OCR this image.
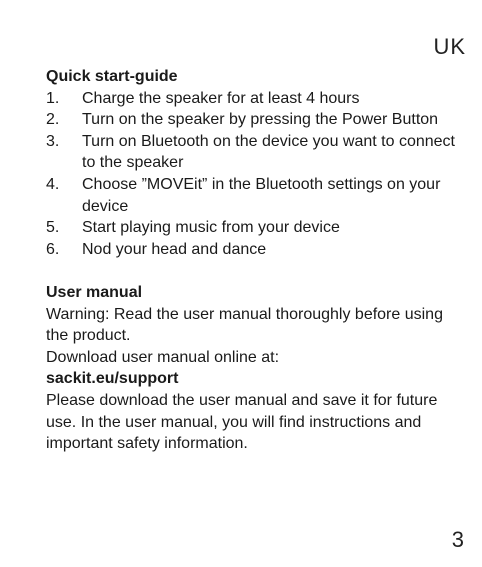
UK

Quick start-guide

1.	Charge the speaker for at least 4 hours
2.	Turn on the speaker by pressing the Power Button
3.	Turn on Bluetooth on the device you want to connect to the speaker
4.	Choose ”MOVEit” in the Bluetooth settings on your device
5.	Start playing music from your device
6.	Nod your head and dance

User manual

Warning: Read the user manual thoroughly before using the product.

Download user manual online at:

sackit.eu/support

Please download the user manual and save it for future use. In the user manual, you will find instructions and important safety information.

3
